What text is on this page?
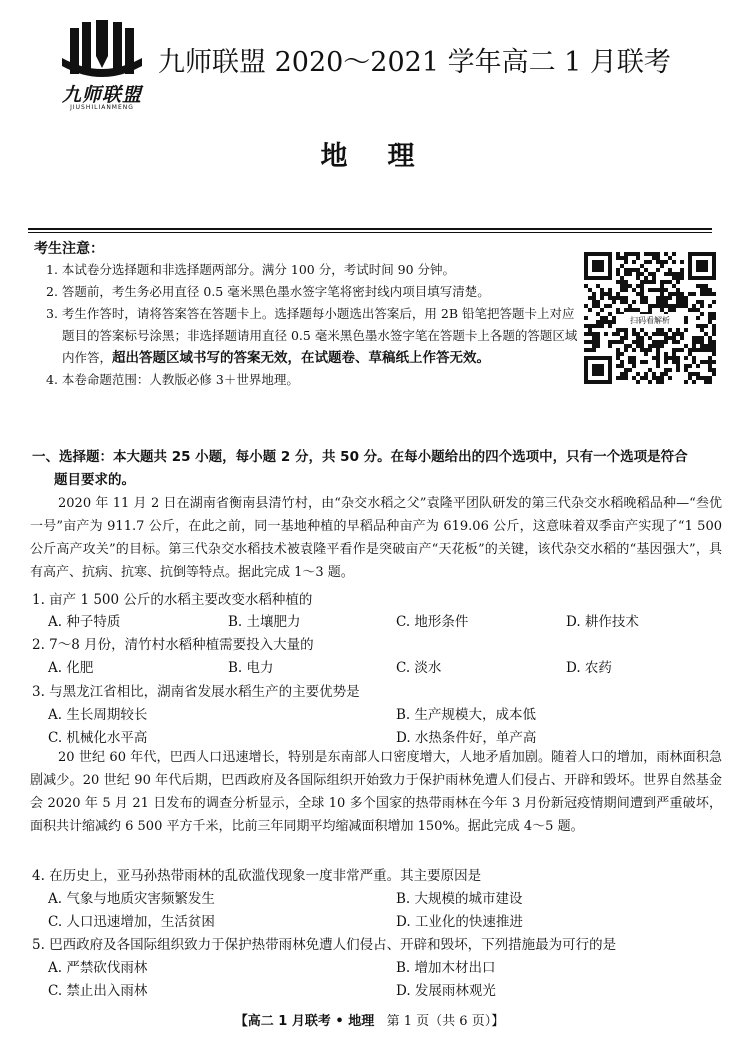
九师联盟
JIUSHILIANMENG
九师联盟 2020～2021 学年高二 1 月联考
地 理
考生注意：
1. 本试卷分选择题和非选择题两部分。满分 100 分，考试时间 90 分钟。
2. 答题前，考生务必用直径 0.5 毫米黑色墨水签字笔将密封线内项目填写清楚。
3. 考生作答时，请将答案答在答题卡上。选择题每小题选出答案后，用 2B 铅笔把答题卡上对应题目的答案标号涂黑；非选择题请用直径 0.5 毫米黑色墨水签字笔在答题卡上各题的答题区域内作答，超出答题区域书写的答案无效，在试题卷、草稿纸上作答无效。
4. 本卷命题范围：人教版必修 3＋世界地理。
扫码看解析
一、选择题：本大题共 25 小题，每小题 2 分，共 50 分。在每小题给出的四个选项中，只有一个选项是符合
题目要求的。
2020 年 11 月 2 日在湖南省衡南县清竹村，由“杂交水稻之父”袁隆平团队研发的第三代杂交水稻晚稻品种—“叁优一号”亩产为 911.7 公斤，在此之前，同一基地种植的早稻品种亩产为 619.06 公斤，这意味着双季亩产实现了“1 500 公斤高产攻关”的目标。第三代杂交水稻技术被袁隆平看作是突破亩产“天花板”的关键，该代杂交水稻的“基因强大”，具有高产、抗病、抗寒、抗倒等特点。据此完成 1～3 题。
1. 亩产 1 500 公斤的水稻主要改变水稻种植的
A. 种子特质	B. 土壤肥力	C. 地形条件	D. 耕作技术
2. 7～8 月份，清竹村水稻种植需要投入大量的
A. 化肥	B. 电力	C. 淡水	D. 农药
3. 与黑龙江省相比，湖南省发展水稻生产的主要优势是
A. 生长周期较长	B. 生产规模大，成本低
C. 机械化水平高	D. 水热条件好，单产高
20 世纪 60 年代，巴西人口迅速增长，特别是东南部人口密度增大，人地矛盾加剧。随着人口的增加，雨林面积急剧减少。20 世纪 90 年代后期，巴西政府及各国际组织开始致力于保护雨林免遭人们侵占、开辟和毁坏。世界自然基金会 2020 年 5 月 21 日发布的调查分析显示，全球 10 多个国家的热带雨林在今年 3 月份新冠疫情期间遭到严重破坏，面积共计缩减约 6 500 平方千米，比前三年同期平均缩减面积增加 150%。据此完成 4～5 题。
4. 在历史上，亚马孙热带雨林的乱砍滥伐现象一度非常严重。其主要原因是
A. 气象与地质灾害频繁发生	B. 大规模的城市建设
C. 人口迅速增加，生活贫困	D. 工业化的快速推进
5. 巴西政府及各国际组织致力于保护热带雨林免遭人们侵占、开辟和毁坏，下列措施最为可行的是
A. 严禁砍伐雨林	B. 增加木材出口
C. 禁止出入雨林	D. 发展雨林观光
【高二 1 月联考 • 地理 第 1 页（共 6 页）】
